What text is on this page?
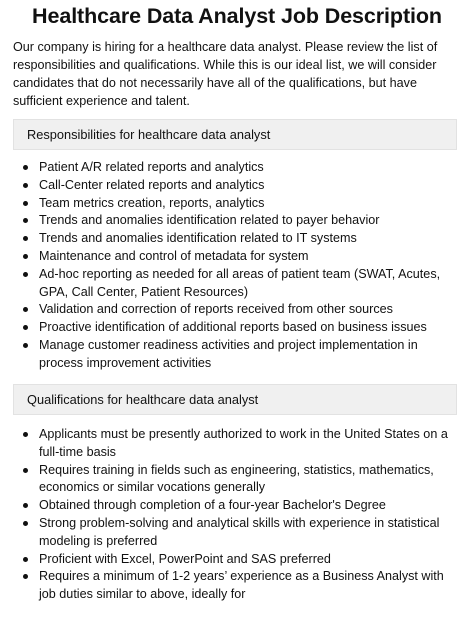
Healthcare Data Analyst Job Description

Our company is hiring for a healthcare data analyst. Please review the list of responsibilities and qualifications. While this is our ideal list, we will consider candidates that do not necessarily have all of the qualifications, but have sufficient experience and talent.

Responsibilities for healthcare data analyst
Patient A/R related reports and analytics
Call-Center related reports and analytics
Team metrics creation, reports, analytics
Trends and anomalies identification related to payer behavior
Trends and anomalies identification related to IT systems
Maintenance and control of metadata for system
Ad-hoc reporting as needed for all areas of patient team (SWAT, Acutes, GPA, Call Center, Patient Resources)
Validation and correction of reports received from other sources
Proactive identification of additional reports based on business issues
Manage customer readiness activities and project implementation in process improvement activities
Qualifications for healthcare data analyst
Applicants must be presently authorized to work in the United States on a full-time basis
Requires training in fields such as engineering, statistics, mathematics, economics or similar vocations generally
Obtained through completion of a four-year Bachelor's Degree
Strong problem-solving and analytical skills with experience in statistical modeling is preferred
Proficient with Excel, PowerPoint and SAS preferred
Requires a minimum of 1-2 years’ experience as a Business Analyst with job duties similar to above, ideally for
